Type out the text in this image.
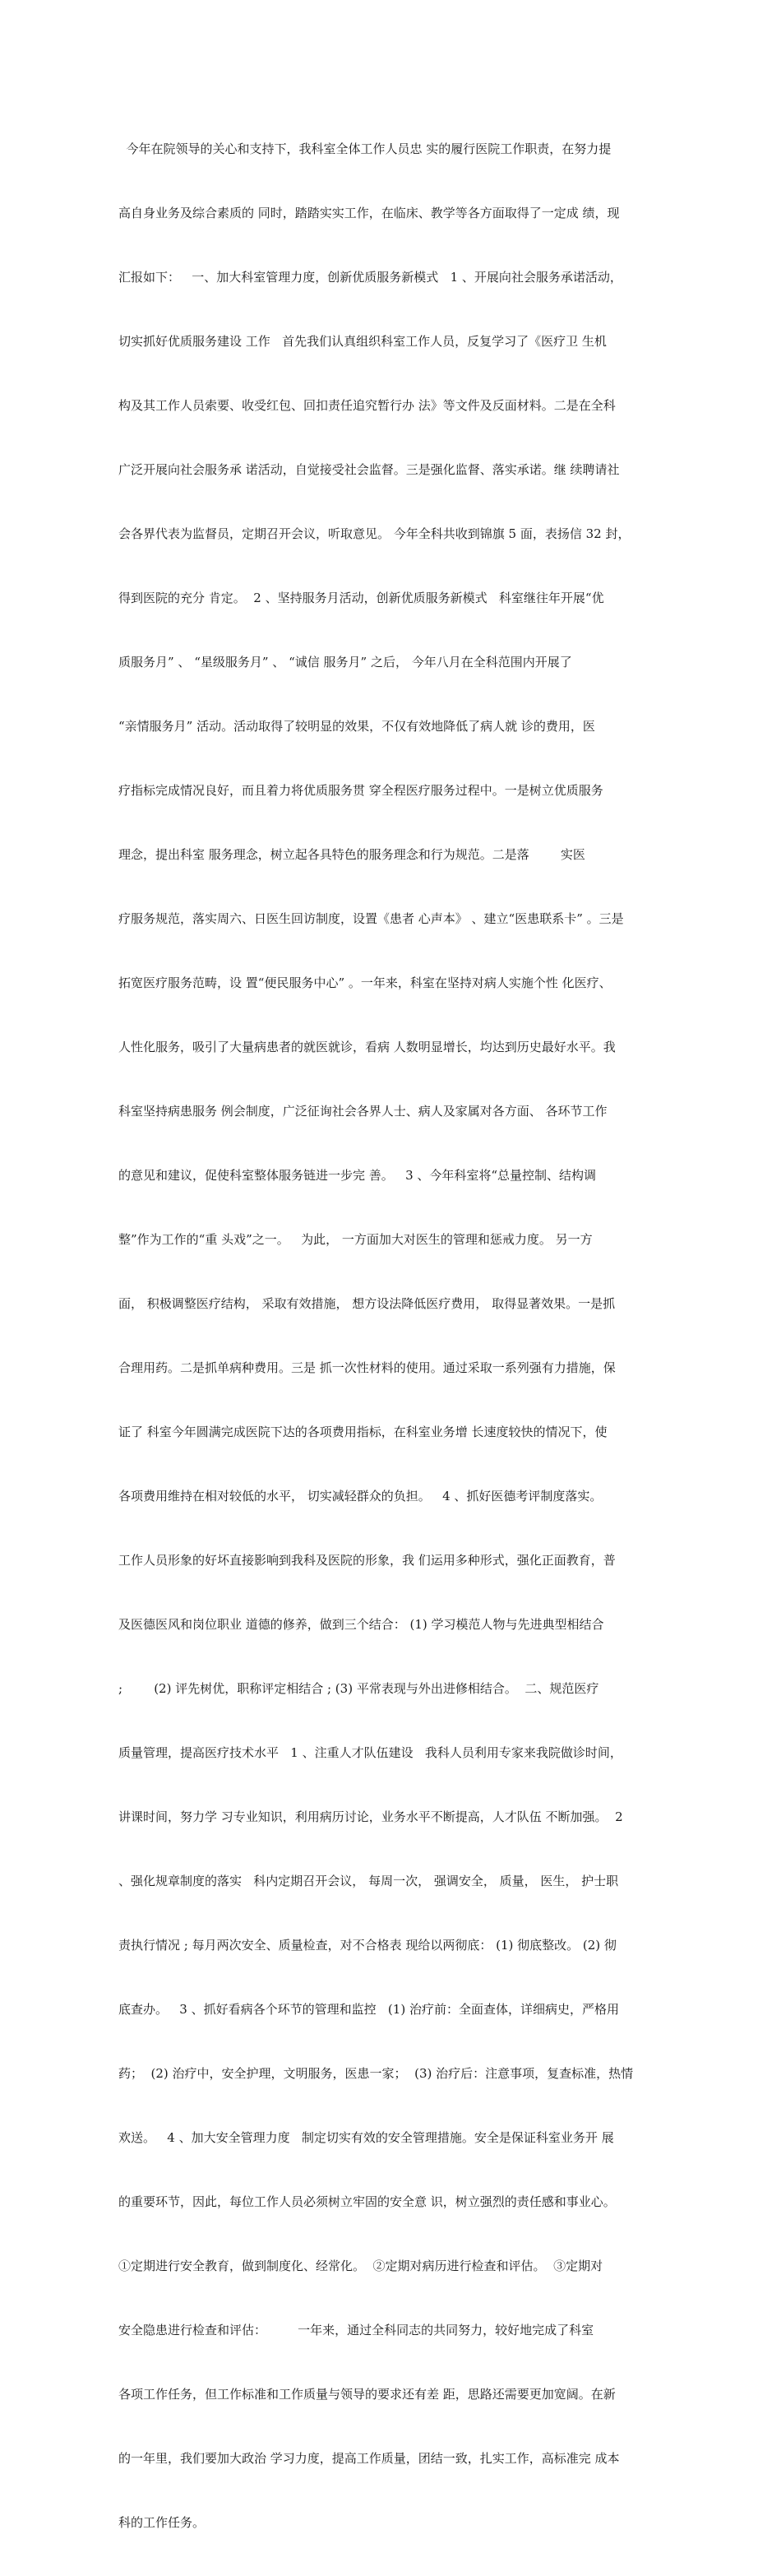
今年在院领导的关心和支持下，我科室全体工作人员忠 实的履行医院工作职责，在努力提

高自身业务及综合素质的 同时，踏踏实实工作，在临床、教学等各方面取得了一定成 绩，现

汇报如下：   一、加大科室管理力度，创新优质服务新模式   1 、开展向社会服务承诺活动，

切实抓好优质服务建设 工作   首先我们认真组织科室工作人员，反复学习了《医疗卫 生机

构及其工作人员索要、收受红包、回扣责任追究暂行办 法》等文件及反面材料。二是在全科

广泛开展向社会服务承 诺活动，自觉接受社会监督。三是强化监督、落实承诺。继 续聘请社

会各界代表为监督员，定期召开会议，听取意见。 今年全科共收到锦旗 5 面，表扬信 32 封，

得到医院的充分 肯定。  2 、坚持服务月活动，创新优质服务新模式   科室继往年开展“优

质服务月” 、 “星级服务月” 、 “诚信 服务月” 之后， 今年八月在全科范围内开展了

“亲情服务月” 活动。活动取得了较明显的效果，不仅有效地降低了病人就 诊的费用，医

疗指标完成情况良好，而且着力将优质服务贯 穿全程医疗服务过程中。一是树立优质服务

理念，提出科室 服务理念，树立起各具特色的服务理念和行为规范。二是落        实医

疗服务规范，落实周六、日医生回访制度，设置《患者 心声本》 、建立“医患联系卡” 。三是

拓宽医疗服务范畴，设 置“便民服务中心” 。一年来，科室在坚持对病人实施个性 化医疗、

人性化服务，吸引了大量病患者的就医就诊，看病 人数明显增长，均达到历史最好水平。我

科室坚持病患服务 例会制度，广泛征询社会各界人士、病人及家属对各方面、 各环节工作

的意见和建议，促使科室整体服务链进一步完 善。   3 、今年科室将“总量控制、结构调

整”作为工作的“重 头戏”之一。   为此， 一方面加大对医生的管理和惩戒力度。 另一方

面， 积极调整医疗结构， 采取有效措施， 想方设法降低医疗费用， 取得显著效果。一是抓

合理用药。二是抓单病种费用。三是 抓一次性材料的使用。通过采取一系列强有力措施，保

证了 科室今年圆满完成医院下达的各项费用指标，在科室业务增 长速度较快的情况下，使

各项费用维持在相对较低的水平， 切实减轻群众的负担。   4 、抓好医德考评制度落实。

工作人员形象的好坏直接影响到我科及医院的形象，我 们运用多种形式，强化正面教育，普

及医德医风和岗位职业 道德的修养，做到三个结合： (1) 学习模范人物与先进典型相结合

;        (2) 评先树优，职称评定相结合 ; (3) 平常表现与外出进修相结合。  二、规范医疗

质量管理，提高医疗技术水平   1 、注重人才队伍建设   我科人员利用专家来我院做诊时间，

讲课时间，努力学 习专业知识，利用病历讨论，业务水平不断提高，人才队伍 不断加强。  2

、强化规章制度的落实   科内定期召开会议， 每周一次， 强调安全， 质量， 医生， 护士职

责执行情况 ; 每月两次安全、质量检查，对不合格表 现给以两彻底： (1) 彻底整改。 (2) 彻

底查办。   3 、抓好看病各个环节的管理和监控   (1) 治疗前：全面查体，详细病史，严格用

药；  (2) 治疗中，安全护理，文明服务，医患一家；  (3) 治疗后：注意事项，复查标准，热情

欢送。   4 、加大安全管理力度   制定切实有效的安全管理措施。安全是保证科室业务开 展

的重要环节，因此，每位工作人员必须树立牢固的安全意 识，树立强烈的责任感和事业心。

①定期进行安全教育，做到制度化、经常化。  ②定期对病历进行检查和评估。  ③定期对

安全隐患进行检查和评估：        一年来，通过全科同志的共同努力，较好地完成了科室

各项工作任务，但工作标准和工作质量与领导的要求还有差 距，思路还需要更加宽阔。在新

的一年里，我们要加大政治 学习力度，提高工作质量，团结一致，扎实工作，高标准完 成本

科的工作任务。
